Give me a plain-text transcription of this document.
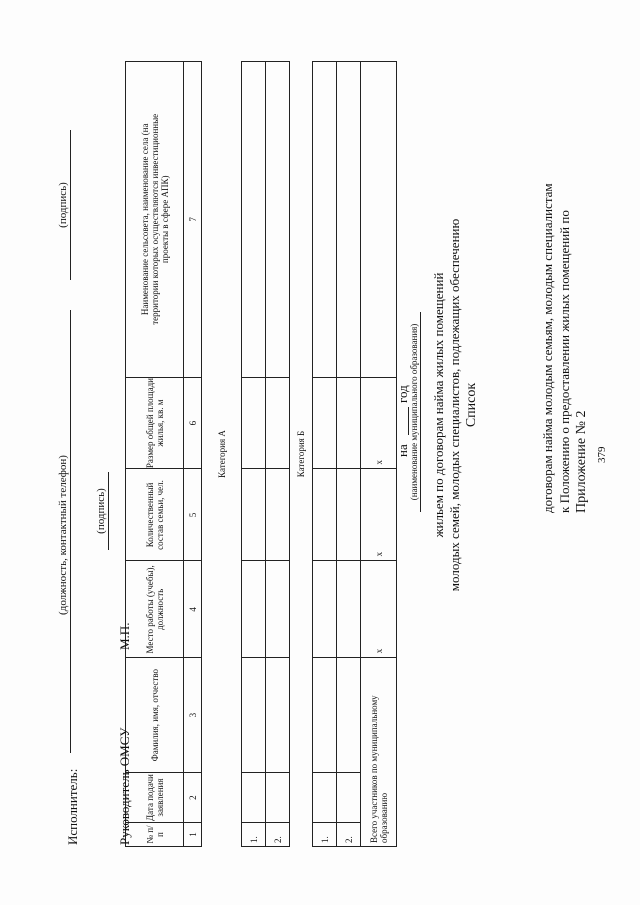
379
Приложение № 2
к Положению о предоставлении жилых помещений по
договорам найма молодым семьям, молодым специалистам
Список
молодых семей, молодых специалистов, подлежащих обеспечению
жильем по договорам найма жилых помещений
(наименование муниципального образования)
на
год
№ п/п	Дата подачи заявления	Фамилия, имя, отчество	Место работы (учебы), должность	Количественный состав семьи, чел.	Размер общей площади жилья, кв. м	Наименование сельсовета, наименование села (на территории которых осуществляются инвестиционные проекты в сфере АПК)
1	2	3	4	5	6	7
Категория А						
1.						
2.						
Категория Б						
1.						
2.						
Всего участников по муниципальному образованию			х	х	х	
Руководитель ОМСУ
М.П.
(подпись)
Исполнитель:
(должность, контактный телефон)
(подпись)
